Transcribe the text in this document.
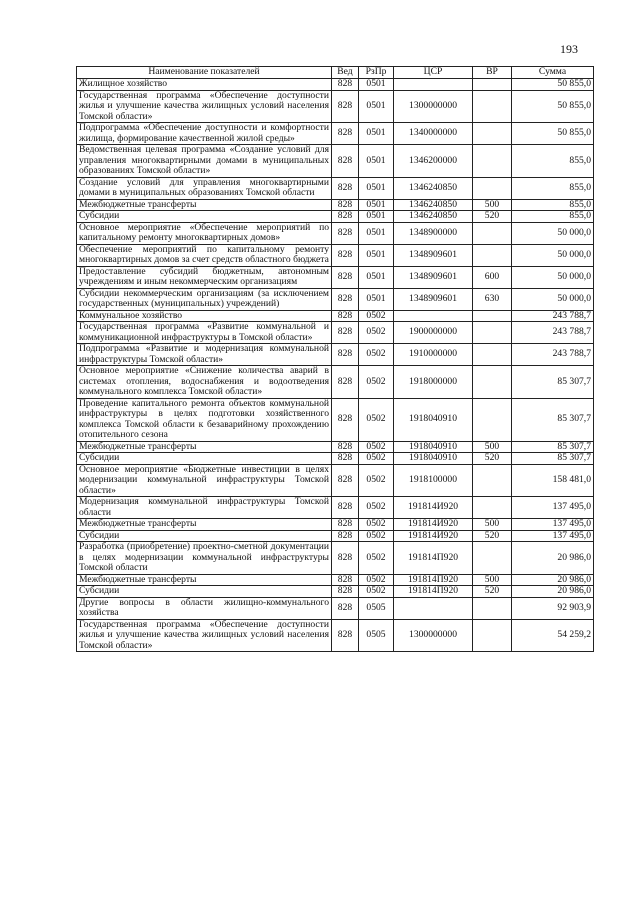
193
Наименование показателей	Вед	РзПр	ЦСР	ВР	Сумма
Жилищное хозяйство	828	0501			50 855,0
Государственная программа «Обеспечение доступности жилья и улучшение качества жилищных условий населения Томской области»	828	0501	1300000000		50 855,0
Подпрограмма «Обеспечение доступности и комфортности жилища, формирование качественной жилой среды»	828	0501	1340000000		50 855,0
Ведомственная целевая программа «Создание условий для управления многоквартирными домами в муниципальных образованиях Томской области»	828	0501	1346200000		855,0
Создание условий для управления многоквартирными домами в муниципальных образованиях Томской области	828	0501	1346240850		855,0
Межбюджетные трансферты	828	0501	1346240850	500	855,0
Субсидии	828	0501	1346240850	520	855,0
Основное мероприятие «Обеспечение мероприятий по капитальному ремонту многоквартирных домов»	828	0501	1348900000		50 000,0
Обеспечение мероприятий по капитальному ремонту многоквартирных домов за счет средств областного бюджета	828	0501	1348909601		50 000,0
Предоставление субсидий бюджетным, автономным учреждениям и иным некоммерческим организациям	828	0501	1348909601	600	50 000,0
Субсидии некоммерческим организациям (за исключением государственных (муниципальных) учреждений)	828	0501	1348909601	630	50 000,0
Коммунальное хозяйство	828	0502			243 788,7
Государственная программа «Развитие коммунальной и коммуникационной инфраструктуры в Томской области»	828	0502	1900000000		243 788,7
Подпрограмма «Развитие и модернизация коммунальной инфраструктуры Томской области»	828	0502	1910000000		243 788,7
Основное мероприятие «Снижение количества аварий в системах отопления, водоснабжения и водоотведения коммунального комплекса Томской области»	828	0502	1918000000		85 307,7
Проведение капитального ремонта объектов коммунальной инфраструктуры в целях подготовки хозяйственного комплекса Томской области к безаварийному прохождению отопительного сезона	828	0502	1918040910		85 307,7
Межбюджетные трансферты	828	0502	1918040910	500	85 307,7
Субсидии	828	0502	1918040910	520	85 307,7
Основное мероприятие «Бюджетные инвестиции в целях модернизации коммунальной инфраструктуры Томской области»	828	0502	1918100000		158 481,0
Модернизация коммунальной инфраструктуры Томской области	828	0502	191814И920		137 495,0
Межбюджетные трансферты	828	0502	191814И920	500	137 495,0
Субсидии	828	0502	191814И920	520	137 495,0
Разработка (приобретение) проектно-сметной документации в целях модернизации коммунальной инфраструктуры Томской области	828	0502	191814П920		20 986,0
Межбюджетные трансферты	828	0502	191814П920	500	20 986,0
Субсидии	828	0502	191814П920	520	20 986,0
Другие вопросы в области жилищно-коммунального хозяйства	828	0505			92 903,9
Государственная программа «Обеспечение доступности жилья и улучшение качества жилищных условий населения Томской области»	828	0505	1300000000		54 259,2
